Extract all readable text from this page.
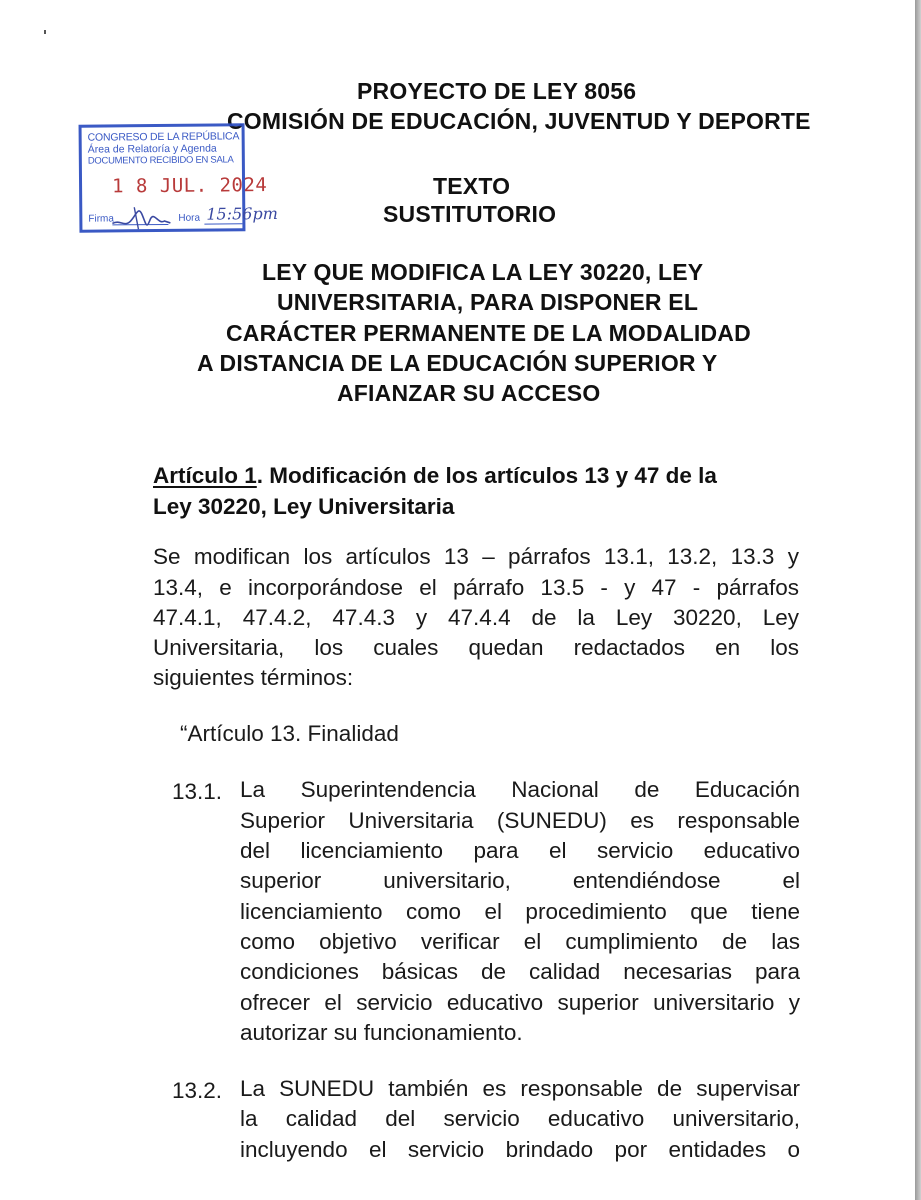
PROYECTO DE LEY 8056
COMISIÓN DE EDUCACIÓN, JUVENTUD Y DEPORTE
TEXTO
SUSTITUTORIO
CONGRESO DE LA REPÚBLICA
Área de Relatoría y Agenda
DOCUMENTO RECIBIDO EN SALA
1 8 JUL. 2024
Firma	Hora 15:56pm
LEY QUE MODIFICA LA LEY 30220, LEY
UNIVERSITARIA, PARA DISPONER EL
CARÁCTER PERMANENTE DE LA MODALIDAD
A DISTANCIA DE LA EDUCACIÓN SUPERIOR Y
AFIANZAR SU ACCESO
Artículo 1. Modificación de los artículos 13 y 47 de la
Ley 30220, Ley Universitaria
Se modifican los artículos 13 – párrafos 13.1, 13.2, 13.3 y
13.4, e incorporándose el párrafo 13.5 - y 47 - párrafos
47.4.1, 47.4.2, 47.4.3 y 47.4.4 de la Ley 30220, Ley
Universitaria, los cuales quedan redactados en los
siguientes términos:
“Artículo 13. Finalidad
13.1. La Superintendencia Nacional de Educación
Superior Universitaria (SUNEDU) es responsable
del licenciamiento para el servicio educativo
superior universitario, entendiéndose el
licenciamiento como el procedimiento que tiene
como objetivo verificar el cumplimiento de las
condiciones básicas de calidad necesarias para
ofrecer el servicio educativo superior universitario y
autorizar su funcionamiento.
13.2. La SUNEDU también es responsable de supervisar
la calidad del servicio educativo universitario,
incluyendo el servicio brindado por entidades o
